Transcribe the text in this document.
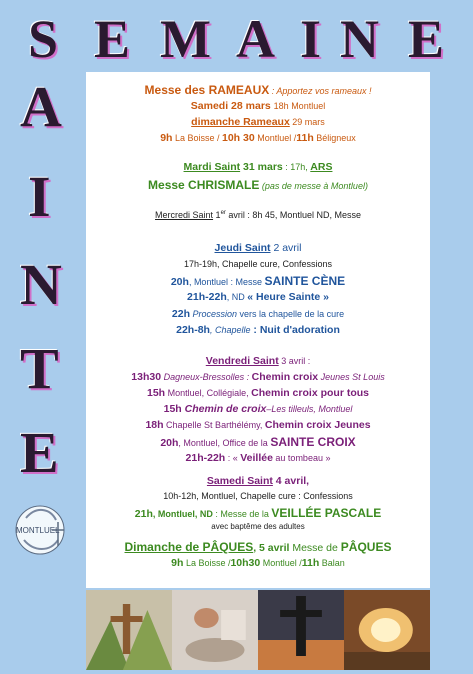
S E M A I N E
A
I
N
T
E
MONTLUEL
Messe des RAMEAUX : Apportez vos rameaux !
Samedi 28 mars 18h Montluel
dimanche Rameaux 29 mars
9h La Boisse / 10h 30 Montluel /11h Béligneux
Mardi Saint 31 mars : 17h, ARS
Messe CHRISMALE (pas de messe à Montluel)
Mercredi Saint 1er avril : 8h 45, Montluel ND, Messe
Jeudi Saint 2 avril
17h-19h, Chapelle cure, Confessions
20h, Montluel : Messe SAINTE CÈNE
21h-22h, ND « Heure Sainte »
22h Procession vers la chapelle de la cure
22h-8h, Chapelle : Nuit d'adoration
Vendredi Saint 3 avril :
13h30 Dagneux-Bressolles : Chemin croix Jeunes St Louis
15h Montluel, Collégiale, Chemin croix pour tous
15h Chemin de croix–Les tilleuls, Montluel
18h Chapelle St Barthélémy, Chemin croix Jeunes
20h, Montluel, Office de la SAINTE CROIX
21h-22h : « Veillée au tombeau »
Samedi Saint 4 avril,
10h-12h, Montluel, Chapelle cure : Confessions
21h, Montluel, ND : Messe de la VEILLÉE PASCALE
avec baptême des adultes
Dimanche de PÂQUES, 5 avril Messe de PÂQUES
9h La Boisse /10h30 Montluel /11h Balan
